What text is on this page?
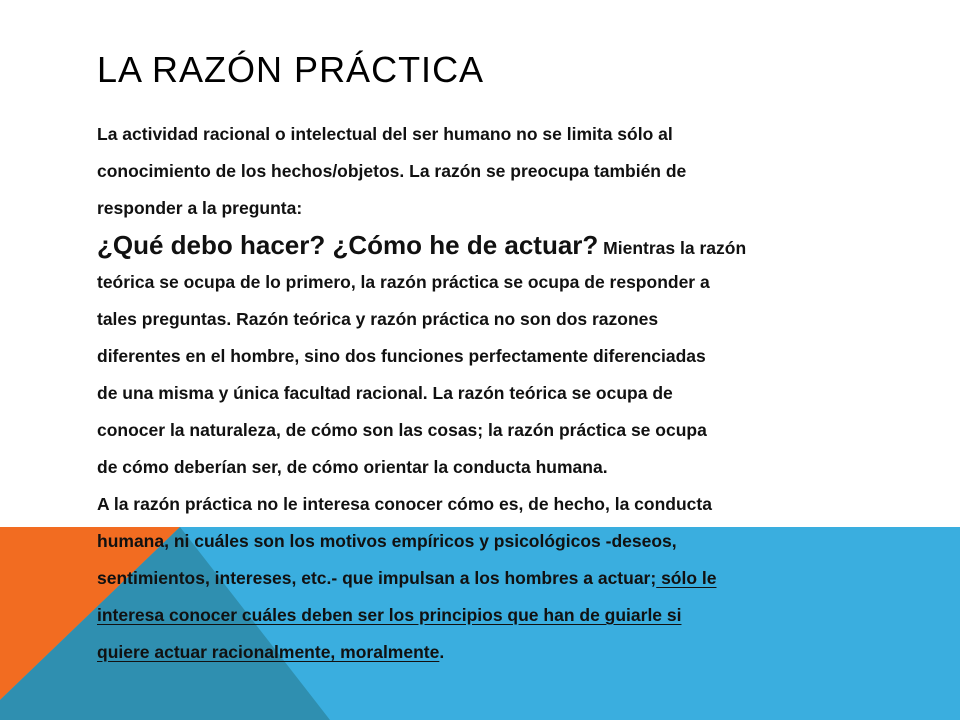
LA RAZÓN PRÁCTICA
La actividad racional o intelectual del ser humano no se limita sólo al
conocimiento de los hechos/objetos. La razón se preocupa también de
responder a la pregunta:
¿Qué debo hacer? ¿Cómo he de actuar? Mientras la razón
teórica se ocupa de lo primero, la razón práctica se ocupa de responder a
tales preguntas. Razón teórica y razón práctica no son dos razones
diferentes en el hombre, sino dos funciones perfectamente diferenciadas
de una misma y única facultad racional. La razón teórica se ocupa de
conocer la naturaleza, de cómo son las cosas; la razón práctica se ocupa
de cómo deberían ser, de cómo orientar la conducta humana.
A la razón práctica no le interesa conocer cómo es, de hecho, la conducta
humana, ni cuáles son los motivos empíricos y psicológicos -deseos,
sentimientos, intereses, etc.- que impulsan a los hombres a actuar; sólo le
interesa conocer cuáles deben ser los principios que han de guiarle si
quiere actuar racionalmente, moralmente.
